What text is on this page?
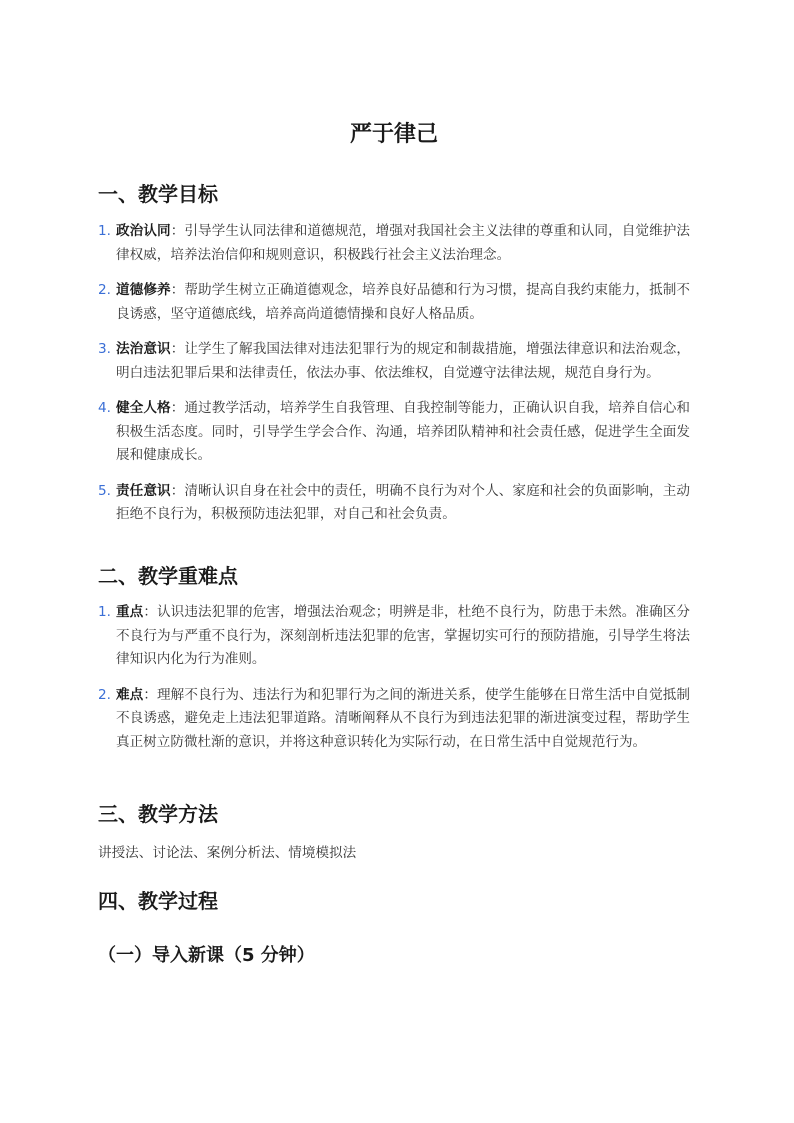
严于律己
一、教学目标
1. 政治认同：引导学生认同法律和道德规范，增强对我国社会主义法律的尊重和认同，自觉维护法律权威，培养法治信仰和规则意识，积极践行社会主义法治理念。
2. 道德修养：帮助学生树立正确道德观念，培养良好品德和行为习惯，提高自我约束能力，抵制不良诱惑，坚守道德底线，培养高尚道德情操和良好人格品质。
3. 法治意识：让学生了解我国法律对违法犯罪行为的规定和制裁措施，增强法律意识和法治观念，明白违法犯罪后果和法律责任，依法办事、依法维权，自觉遵守法律法规，规范自身行为。
4. 健全人格：通过教学活动，培养学生自我管理、自我控制等能力，正确认识自我，培养自信心和积极生活态度。同时，引导学生学会合作、沟通，培养团队精神和社会责任感，促进学生全面发展和健康成长。
5. 责任意识：清晰认识自身在社会中的责任，明确不良行为对个人、家庭和社会的负面影响，主动拒绝不良行为，积极预防违法犯罪，对自己和社会负责。
二、教学重难点
1. 重点：认识违法犯罪的危害，增强法治观念；明辨是非，杜绝不良行为，防患于未然。准确区分不良行为与严重不良行为，深刻剖析违法犯罪的危害，掌握切实可行的预防措施，引导学生将法律知识内化为行为准则。
2. 难点：理解不良行为、违法行为和犯罪行为之间的渐进关系，使学生能够在日常生活中自觉抵制不良诱惑，避免走上违法犯罪道路。清晰阐释从不良行为到违法犯罪的渐进演变过程，帮助学生真正树立防微杜渐的意识，并将这种意识转化为实际行动，在日常生活中自觉规范行为。
三、教学方法

讲授法、讨论法、案例分析法、情境模拟法

四、教学过程
（一）导入新课（5 分钟）
